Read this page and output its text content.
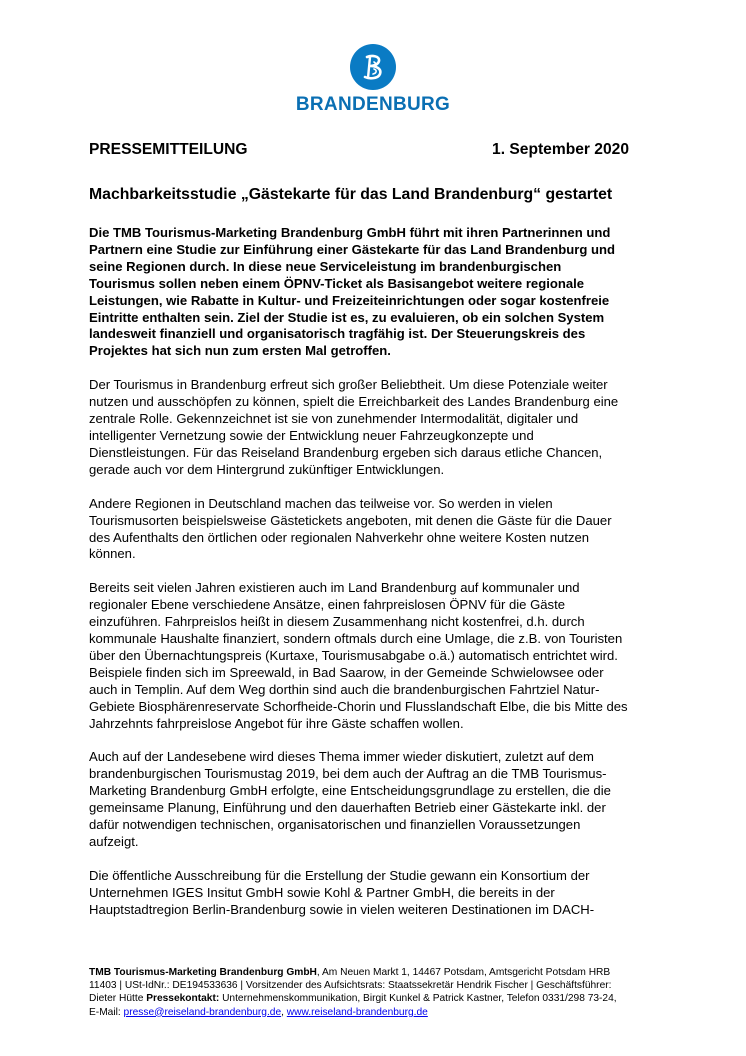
BRANDENBURG
PRESSEMITTEILUNG	1. September 2020
Machbarkeitsstudie „Gästekarte für das Land Brandenburg“ gestartet
Die TMB Tourismus-Marketing Brandenburg GmbH führt mit ihren Partnerinnen und Partnern eine Studie zur Einführung einer Gästekarte für das Land Brandenburg und seine Regionen durch. In diese neue Serviceleistung im brandenburgischen Tourismus sollen neben einem ÖPNV-Ticket als Basisangebot weitere regionale Leistungen, wie Rabatte in Kultur- und Freizeiteinrichtungen oder sogar kostenfreie Eintritte enthalten sein. Ziel der Studie ist es, zu evaluieren, ob ein solchen System landesweit finanziell und organisatorisch tragfähig ist. Der Steuerungskreis des Projektes hat sich nun zum ersten Mal getroffen.
Der Tourismus in Brandenburg erfreut sich großer Beliebtheit. Um diese Potenziale weiter nutzen und ausschöpfen zu können, spielt die Erreichbarkeit des Landes Brandenburg eine zentrale Rolle. Gekennzeichnet ist sie von zunehmender Intermodalität, digitaler und intelligenter Vernetzung sowie der Entwicklung neuer Fahrzeugkonzepte und Dienstleistungen. Für das Reiseland Brandenburg ergeben sich daraus etliche Chancen, gerade auch vor dem Hintergrund zukünftiger Entwicklungen.
Andere Regionen in Deutschland machen das teilweise vor. So werden in vielen Tourismusorten beispielsweise Gästetickets angeboten, mit denen die Gäste für die Dauer des Aufenthalts den örtlichen oder regionalen Nahverkehr ohne weitere Kosten nutzen können.
Bereits seit vielen Jahren existieren auch im Land Brandenburg auf kommunaler und regionaler Ebene verschiedene Ansätze, einen fahrpreislosen ÖPNV für die Gäste einzuführen. Fahrpreislos heißt in diesem Zusammenhang nicht kostenfrei, d.h. durch kommunale Haushalte finanziert, sondern oftmals durch eine Umlage, die z.B. von Touristen über den Übernachtungspreis (Kurtaxe, Tourismusabgabe o.ä.) automatisch entrichtet wird. Beispiele finden sich im Spreewald, in Bad Saarow, in der Gemeinde Schwielowsee oder auch in Templin. Auf dem Weg dorthin sind auch die brandenburgischen Fahrtziel Natur-Gebiete Biosphärenreservate Schorfheide-Chorin und Flusslandschaft Elbe, die bis Mitte des Jahrzehnts fahrpreislose Angebot für ihre Gäste schaffen wollen.
Auch auf der Landesebene wird dieses Thema immer wieder diskutiert, zuletzt auf dem brandenburgischen Tourismustag 2019, bei dem auch der Auftrag an die TMB Tourismus-Marketing Brandenburg GmbH erfolgte, eine Entscheidungsgrundlage zu erstellen, die die gemeinsame Planung, Einführung und den dauerhaften Betrieb einer Gästekarte inkl. der dafür notwendigen technischen, organisatorischen und finanziellen Voraussetzungen aufzeigt.
Die öffentliche Ausschreibung für die Erstellung der Studie gewann ein Konsortium der Unternehmen IGES Insitut GmbH sowie Kohl & Partner GmbH, die bereits in der Hauptstadtregion Berlin-Brandenburg sowie in vielen weiteren Destinationen im DACH-
TMB Tourismus-Marketing Brandenburg GmbH, Am Neuen Markt 1, 14467 Potsdam, Amtsgericht Potsdam HRB 11403 | USt-IdNr.: DE194533636 | Vorsitzender des Aufsichtsrats: Staatssekretär Hendrik Fischer | Geschäftsführer: Dieter Hütte Pressekontakt: Unternehmenskommunikation, Birgit Kunkel & Patrick Kastner, Telefon 0331/298 73-24, E-Mail: presse@reiseland-brandenburg.de, www.reiseland-brandenburg.de
